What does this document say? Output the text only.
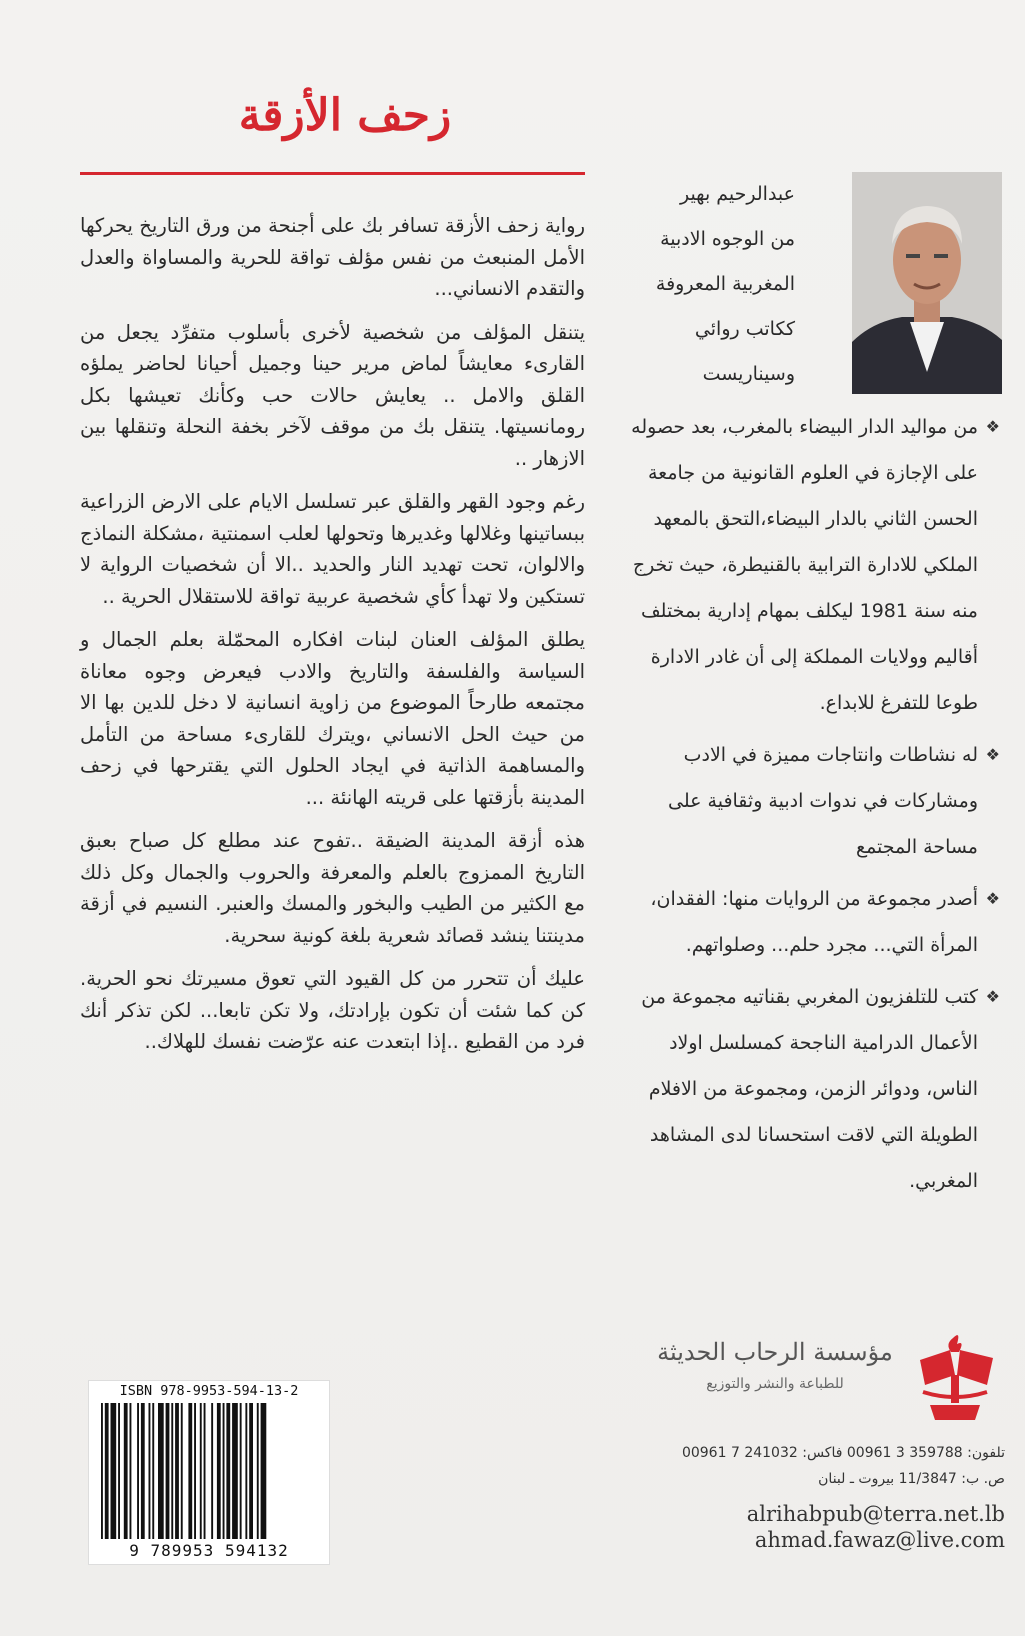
زحف الأزقة

رواية زحف الأزقة تسافر بك على أجنحة من ورق التاريخ يحركها الأمل المنبعث من نفس مؤلف تواقة للحرية والمساواة والعدل والتقدم الانساني...

يتنقل المؤلف من شخصية لأخرى بأسلوب متفرِّد يجعل من القارىء معايشاً لماض مرير حينا وجميل أحيانا لحاضر يملؤه القلق والامل .. يعايش حالات حب وكأنك تعيشها بكل رومانسيتها. يتنقل بك من موقف لآخر بخفة النحلة وتنقلها بين الازهار ..

رغم وجود القهر والقلق عبر تسلسل الايام على الارض الزراعية ببساتينها وغلالها وغديرها وتحولها لعلب اسمنتية ،مشكلة النماذج والالوان، تحت تهديد النار والحديد ..الا أن شخصيات الرواية لا تستكين ولا تهدأ كأي شخصية عربية تواقة للاستقلال الحرية ..

يطلق المؤلف العنان لبنات افكاره المحمّلة بعلم الجمال و السياسة والفلسفة والتاريخ والادب فيعرض وجوه معاناة مجتمعه طارحاً الموضوع من زاوية انسانية لا دخل للدين بها الا من حيث الحل الانساني ،ويترك للقارىء مساحة من التأمل والمساهمة الذاتية في ايجاد الحلول التي يقترحها في زحف المدينة بأزقتها على قريته الهانئة ...

هذه أزقة المدينة الضيقة ..تفوح عند مطلع كل صباح بعبق التاريخ الممزوج بالعلم والمعرفة والحروب والجمال وكل ذلك مع الكثير من الطيب والبخور والمسك والعنبر. النسيم في أزقة مدينتنا ينشد قصائد شعرية بلغة كونية سحرية.

عليك أن تتحرر من كل القيود التي تعوق مسيرتك نحو الحرية. كن كما شئت أن تكون بإرادتك، ولا تكن تابعا... لكن تذكر أنك فرد من القطيع ..إذا ابتعدت عنه عرّضت نفسك للهلاك..

عبدالرحيم بهير

من الوجوه الادبية

المغربية المعروفة

ككاتب روائي

وسيناريست

❖
من مواليد الدار البيضاء بالمغرب، بعد حصوله على الإجازة في العلوم القانونية من جامعة الحسن الثاني بالدار البيضاء،التحق بالمعهد الملكي للادارة الترابية بالقنيطرة، حيث تخرج منه سنة 1981 ليكلف بمهام إدارية بمختلف أقاليم وولايات المملكة إلى أن غادر الادارة طوعا للتفرغ للابداع.
❖
له نشاطات وانتاجات مميزة في الادب ومشاركات في ندوات ادبية وثقافية على مساحة المجتمع
❖
أصدر مجموعة من الروايات منها: الفقدان، المرأة التي... مجرد حلم... وصلواتهم.
❖
كتب للتلفزيون المغربي بقناتيه مجموعة من الأعمال الدرامية الناجحة كمسلسل اولاد الناس، ودوائر الزمن، ومجموعة من الافلام الطويلة التي لاقت استحسانا لدى المشاهد المغربي.
ISBN 978-9953-594-13-2
9 789953 594132
مؤسسة الرحاب الحديثة
للطباعة والنشر والتوزيع
تلفون: 359788 3 00961 فاكس: 241032 7 00961
ص. ب: 11/3847 بيروت ـ لبنان
alrihabpub@terra.net.lb
ahmad.fawaz@live.com
